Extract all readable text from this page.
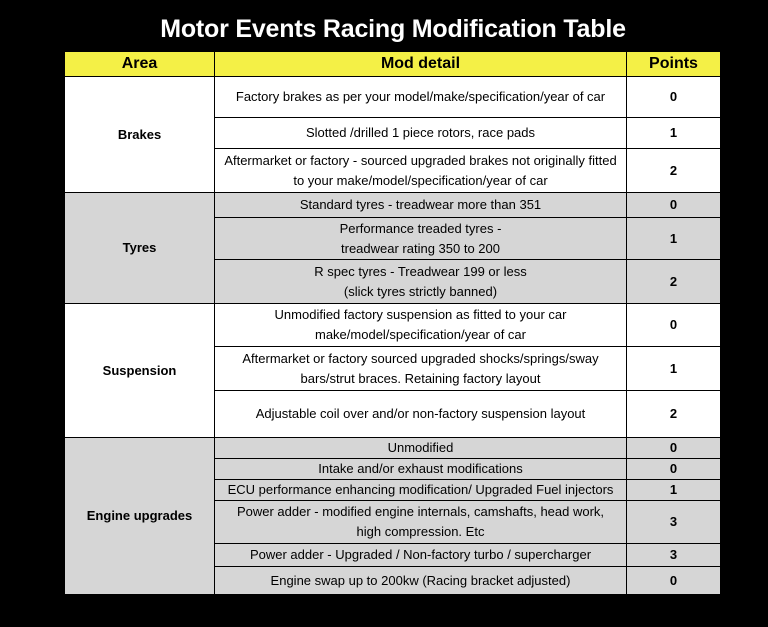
Motor Events Racing Modification Table
Area	Mod detail	Points
Brakes	Factory brakes as per your model/make/specification/year of car	0
	Slotted /drilled 1 piece rotors, race pads	1
	Aftermarket or factory - sourced upgraded brakes not originally fitted to your make/model/specification/year of car	2
Tyres	Standard tyres - treadwear more than 351	0
	Performance treaded tyres - treadwear rating 350 to 200	1
	R spec tyres - Treadwear 199 or less (slick tyres strictly banned)	2
Suspension	Unmodified factory suspension as fitted to your car make/model/specification/year of car	0
	Aftermarket or factory sourced upgraded shocks/springs/sway bars/strut braces. Retaining factory layout	1
	Adjustable coil over and/or non-factory suspension layout	2
Engine upgrades	Unmodified	0
	Intake and/or exhaust modifications	0
	ECU performance enhancing modification/ Upgraded Fuel injectors	1
	Power adder - modified engine internals, camshafts, head work, high compression. Etc	3
	Power adder - Upgraded / Non-factory turbo / supercharger	3
	Engine swap up to 200kw (Racing bracket adjusted)	0
